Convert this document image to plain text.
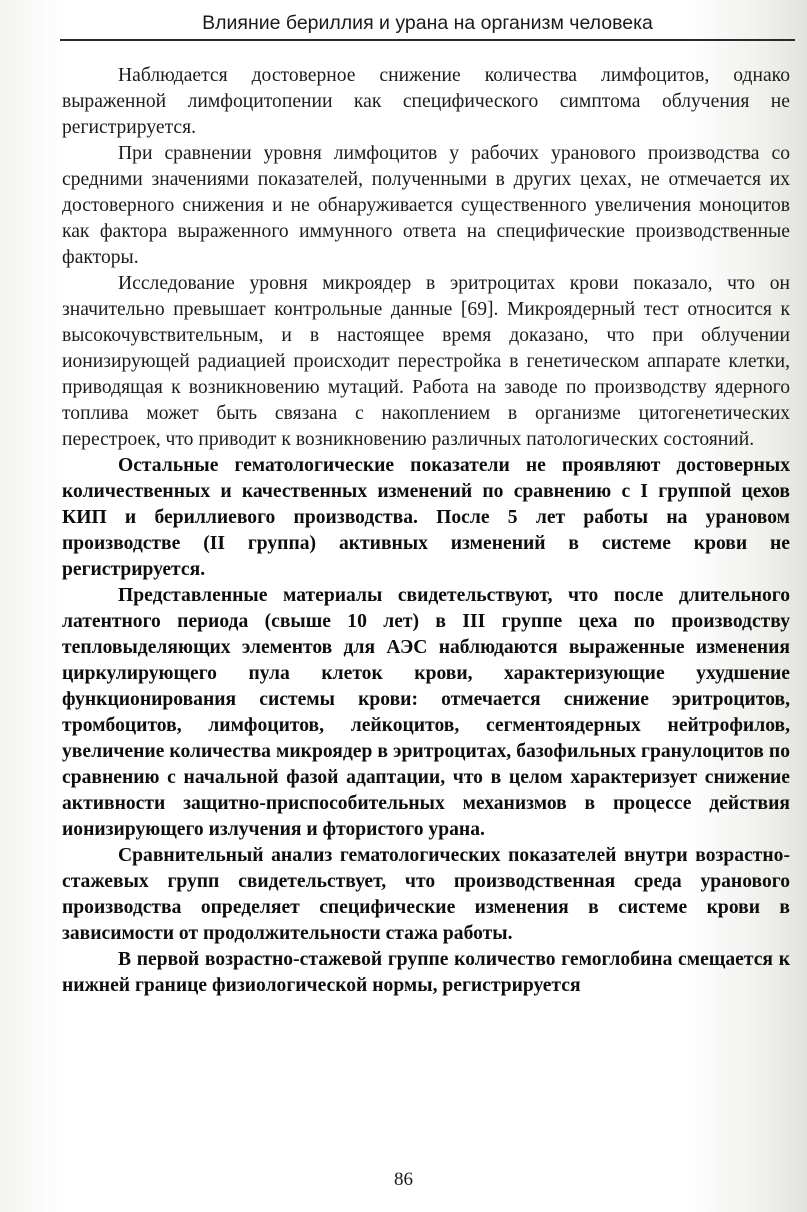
Влияние бериллия и урана на организм человека

Наблюдается достоверное снижение количества лимфоцитов, однако выраженной лимфоцитопении как специфического симптома облучения не регистрируется.

При сравнении уровня лимфоцитов у рабочих уранового производства со средними значениями показателей, полученными в других цехах, не отмечается их достоверного снижения и не обнаруживается существенного увеличения моноцитов как фактора выраженного иммунного ответа на специфические производственные факторы.

Исследование уровня микроядер в эритроцитах крови показало, что он значительно превышает контрольные данные [69]. Микроядерный тест относится к высокочувствительным, и в настоящее время доказано, что при облучении ионизирующей радиацией происходит перестройка в генетическом аппарате клетки, приводящая к возникновению мутаций. Работа на заводе по производству ядерного топлива может быть связана с накоплением в организме цитогенетических перестроек, что приводит к возникновению различных патологических состояний.

Остальные гематологические показатели не проявляют достоверных количественных и качественных изменений по сравнению с I группой цехов КИП и бериллиевого производства. После 5 лет работы на урановом производстве (II группа) активных изменений в системе крови не регистрируется.

Представленные материалы свидетельствуют, что после длительного латентного периода (свыше 10 лет) в III группе цеха по производству тепловыделяющих элементов для АЭС наблюдаются выраженные изменения циркулирующего пула клеток крови, характеризующие ухудшение функционирования системы крови: отмечается снижение эритроцитов, тромбоцитов, лимфоцитов, лейкоцитов, сегментоядерных нейтрофилов, увеличение количества микроядер в эритроцитах, базофильных гранулоцитов по сравнению с начальной фазой адаптации, что в целом характеризует снижение активности защитно-приспособительных механизмов в процессе действия ионизирующего излучения и фтористого урана.

Сравнительный анализ гематологических показателей внутри возрастно-стажевых групп свидетельствует, что производственная среда уранового производства определяет специфические изменения в системе крови в зависимости от продолжительности стажа работы.

В первой возрастно-стажевой группе количество гемоглобина смещается к нижней границе физиологической нормы, регистрируется

86
